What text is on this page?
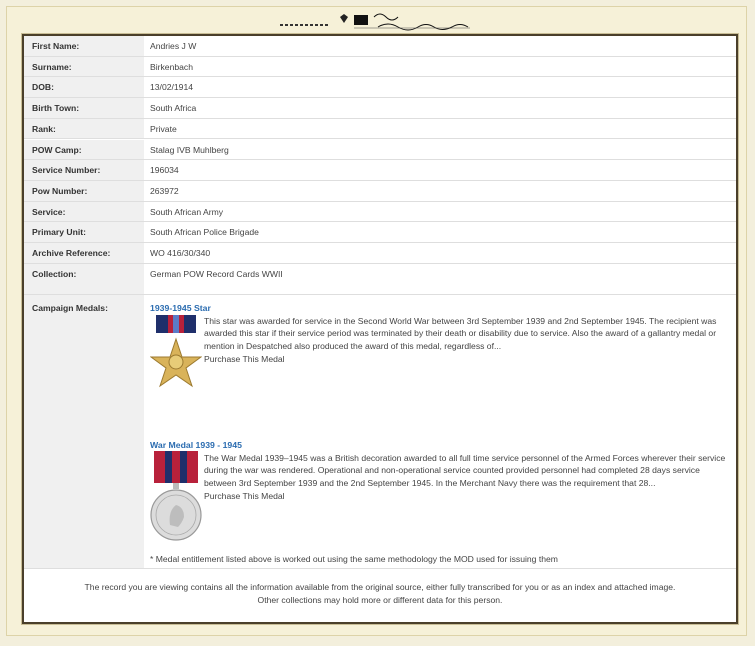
First Name:	Andries J W
Surname:	Birkenbach
DOB:	13/02/1914
Birth Town:	South Africa
Rank:	Private
POW Camp:	Stalag IVB Muhlberg
Service Number:	196034
Pow Number:	263972
Service:	South African Army
Primary Unit:	South African Police Brigade
Archive Reference:	WO 416/30/340
Collection:	German POW Record Cards WWII
Campaign Medals:	1939-1945 Star
This star was awarded for service in the Second World War between 3rd September 1939 and 2nd September 1945. The recipient was awarded this star if their service period was terminated by their death or disability due to service. Also the award of a gallantry medal or mention in Despatched also produced the award of this medal, regardless of...
Purchase This Medal
War Medal 1939 - 1945
The War Medal 1939–1945 was a British decoration awarded to all full time service personnel of the Armed Forces wherever their service during the war was rendered. Operational and non-operational service counted provided personnel had completed 28 days service between 3rd September 1939 and the 2nd September 1945. In the Merchant Navy there was the requirement that 28...
Purchase This Medal
* Medal entitlement listed above is worked out using the same methodology the MOD used for issuing them
The record you are viewing contains all the information available from the original source, either fully transcribed for you or as an index and attached image.
Other collections may hold more or different data for this person.
